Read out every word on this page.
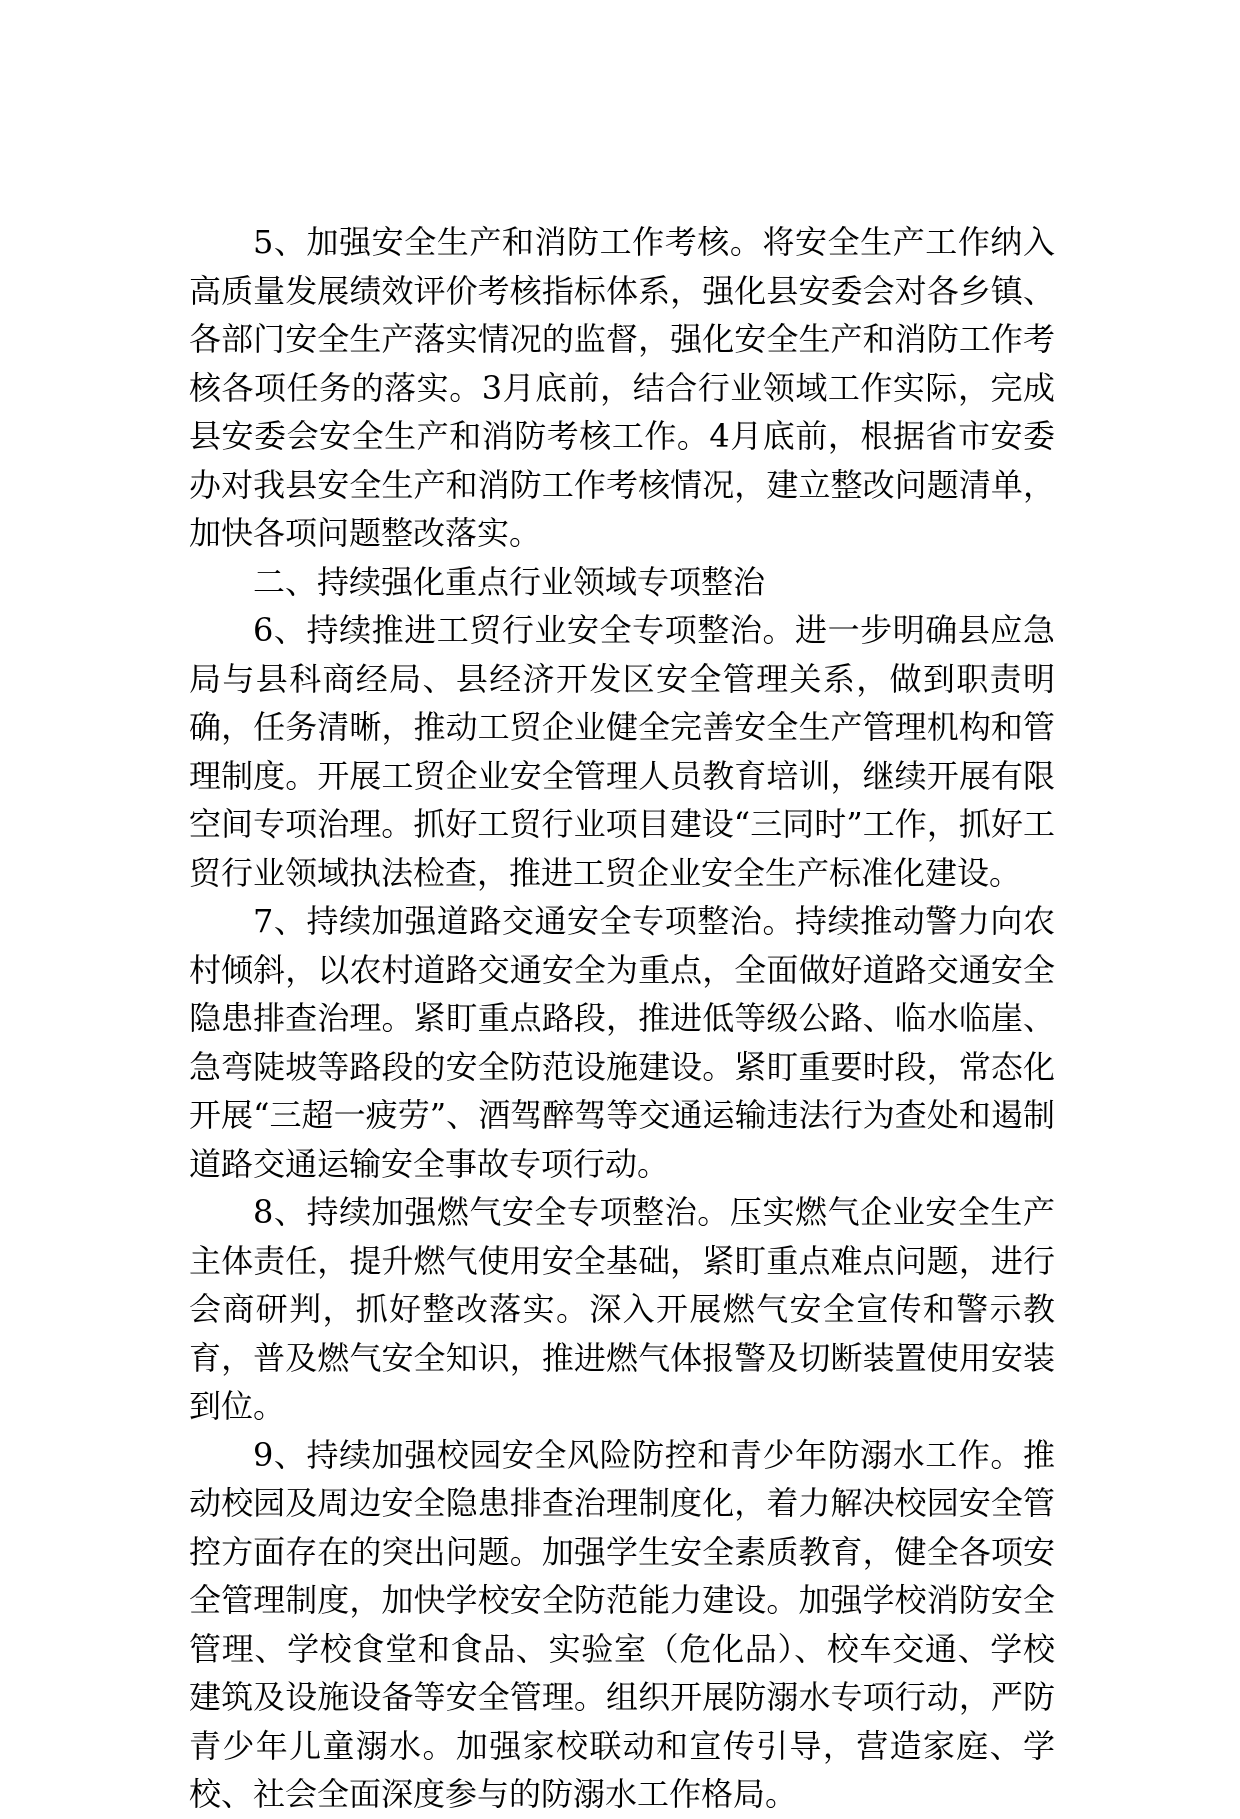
5、加强安全生产和消防工作考核。将安全生产工作纳入高质量发展绩效评价考核指标体系，强化县安委会对各乡镇、各部门安全生产落实情况的监督，强化安全生产和消防工作考核各项任务的落实。3月底前，结合行业领域工作实际，完成县安委会安全生产和消防考核工作。4月底前，根据省市安委办对我县安全生产和消防工作考核情况，建立整改问题清单，加快各项问题整改落实。

二、持续强化重点行业领域专项整治

6、持续推进工贸行业安全专项整治。进一步明确县应急局与县科商经局、县经济开发区安全管理关系，做到职责明确，任务清晰，推动工贸企业健全完善安全生产管理机构和管理制度。开展工贸企业安全管理人员教育培训，继续开展有限空间专项治理。抓好工贸行业项目建设“三同时”工作，抓好工贸行业领域执法检查，推进工贸企业安全生产标准化建设。

7、持续加强道路交通安全专项整治。持续推动警力向农村倾斜，以农村道路交通安全为重点，全面做好道路交通安全隐患排查治理。紧盯重点路段，推进低等级公路、临水临崖、急弯陡坡等路段的安全防范设施建设。紧盯重要时段，常态化开展“三超一疲劳”、酒驾醉驾等交通运输违法行为查处和遏制道路交通运输安全事故专项行动。

8、持续加强燃气安全专项整治。压实燃气企业安全生产主体责任，提升燃气使用安全基础，紧盯重点难点问题，进行会商研判，抓好整改落实。深入开展燃气安全宣传和警示教育，普及燃气安全知识，推进燃气体报警及切断装置使用安装到位。

9、持续加强校园安全风险防控和青少年防溺水工作。推动校园及周边安全隐患排查治理制度化，着力解决校园安全管控方面存在的突出问题。加强学生安全素质教育，健全各项安全管理制度，加快学校安全防范能力建设。加强学校消防安全管理、学校食堂和食品、实验室（危化品）、校车交通、学校建筑及设施设备等安全管理。组织开展防溺水专项行动，严防青少年儿童溺水。加强家校联动和宣传引导，营造家庭、学校、社会全面深度参与的防溺水工作格局。
